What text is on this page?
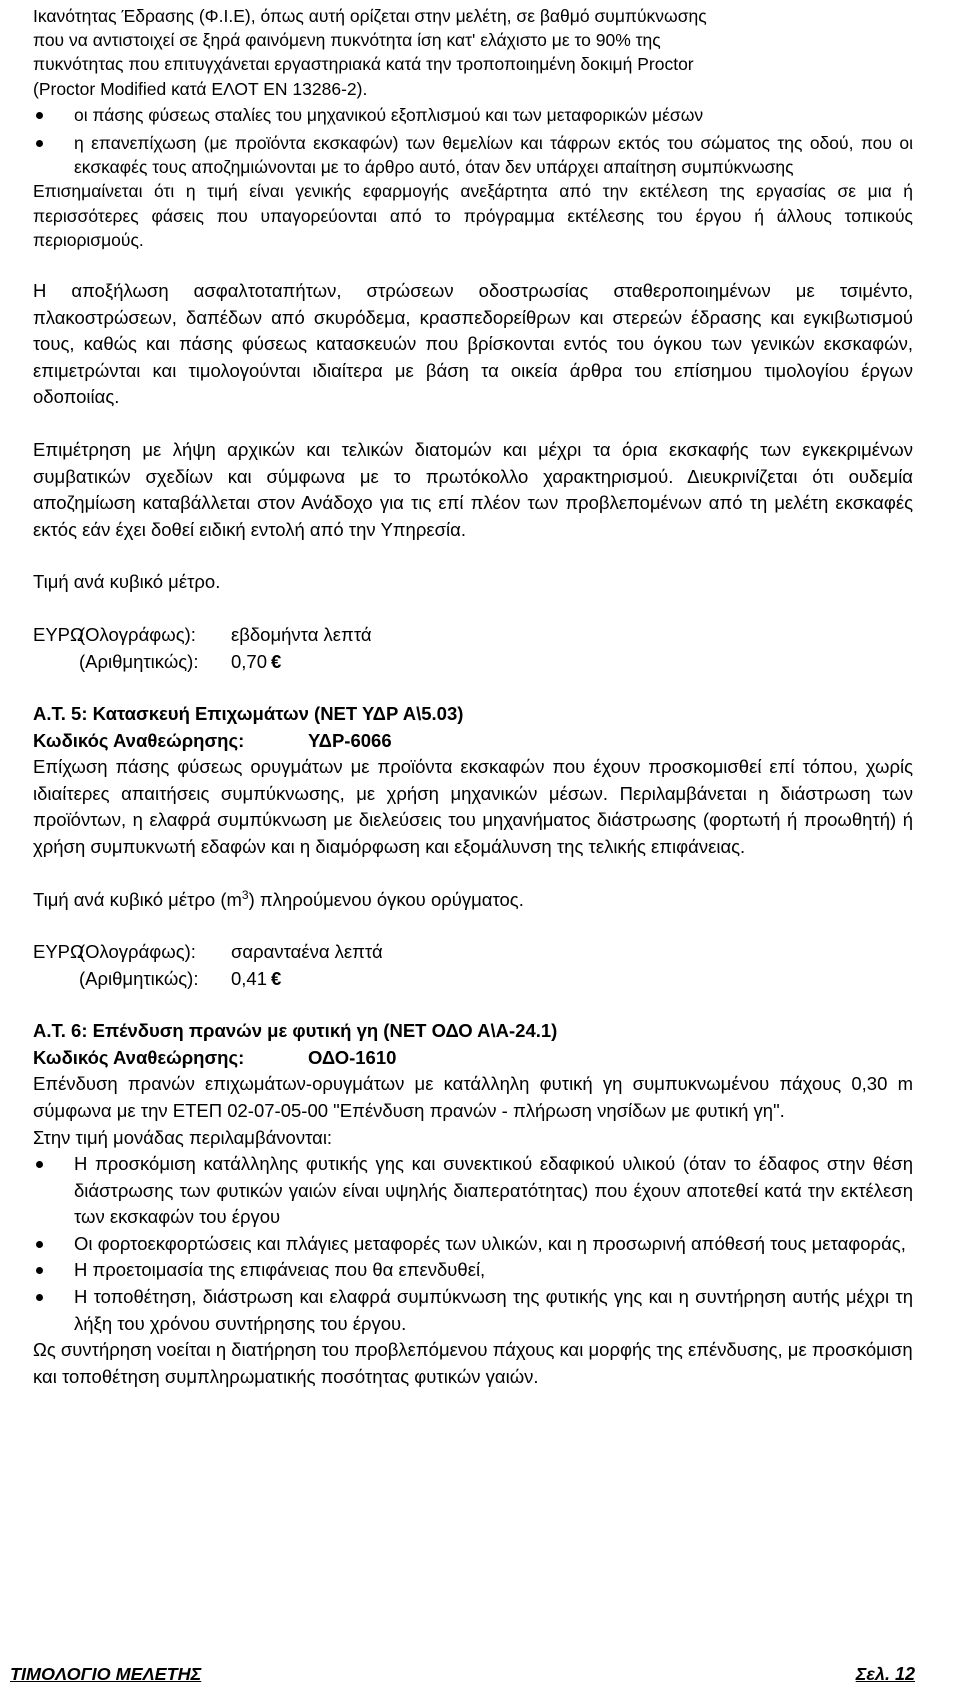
Ικανότητας Έδρασης (Φ.Ι.Ε), όπως αυτή ορίζεται στην μελέτη, σε βαθμό συμπύκνωσης

που να αντιστοιχεί σε ξηρά φαινόμενη πυκνότητα ίση κατ' ελάχιστο με το 90% της

πυκνότητας που επιτυγχάνεται εργαστηριακά κατά την τροποποιημένη δοκιμή Proctor

(Proctor Modified κατά ΕΛΟΤ ΕΝ 13286-2).

οι πάσης φύσεως σταλίες του μηχανικού εξοπλισμού και των μεταφορικών μέσων
η επανεπίχωση (με προϊόντα εκσκαφών) των θεμελίων και τάφρων εκτός του σώματος της οδού, που οι εκσκαφές τους αποζημιώνονται με το άρθρο αυτό, όταν δεν υπάρχει απαίτηση συμπύκνωσης

Επισημαίνεται ότι η τιμή είναι γενικής εφαρμογής ανεξάρτητα από την εκτέλεση της εργασίας σε μια ή περισσότερες φάσεις που υπαγορεύονται από το πρόγραμμα εκτέλεσης του έργου ή άλλους τοπικούς περιορισμούς.

Η αποξήλωση ασφαλτοταπήτων, στρώσεων οδοστρωσίας σταθεροποιημένων με τσιμέντο, πλακοστρώσεων, δαπέδων από σκυρόδεμα, κρασπεδορείθρων και στερεών έδρασης και εγκιβωτισμού τους, καθώς και πάσης φύσεως κατασκευών που βρίσκονται εντός του όγκου των γενικών εκσκαφών, επιμετρώνται και τιμολογούνται ιδιαίτερα με βάση τα οικεία άρθρα του επίσημου τιμολογίου έργων οδοποιίας.

Επιμέτρηση με λήψη αρχικών και τελικών διατομών και μέχρι τα όρια εκσκαφής των εγκεκριμένων συμβατικών σχεδίων και σύμφωνα με το πρωτόκολλο χαρακτηρισμού. Διευκρινίζεται ότι ουδεμία αποζημίωση καταβάλλεται στον Ανάδοχο για τις επί πλέον των προβλεπομένων από τη μελέτη εκσκαφές εκτός εάν έχει δοθεί ειδική εντολή από την Υπηρεσία.

Τιμή ανά κυβικό μέτρο.

ΕΥΡΩ
(Ολογράφως): εβδομήντα λεπτά
(Αριθμητικώς): 0,70 €

Α.Τ. 5: Κατασκευή Επιχωμάτων (ΝΕΤ ΥΔΡ Α\5.03)

Κωδικός Αναθεώρησης:	ΥΔΡ-6066

Επίχωση πάσης φύσεως ορυγμάτων με προϊόντα εκσκαφών που έχουν προσκομισθεί επί τόπου, χωρίς ιδιαίτερες απαιτήσεις συμπύκνωσης, με χρήση μηχανικών μέσων. Περιλαμβάνεται η διάστρωση των προϊόντων, η ελαφρά συμπύκνωση με διελεύσεις του μηχανήματος διάστρωσης (φορτωτή ή προωθητή) ή χρήση συμπυκνωτή εδαφών και η διαμόρφωση και εξομάλυνση της τελικής επιφάνειας.

Τιμή ανά κυβικό μέτρο $(m^3)$ πληρούμενου όγκου ορύγματος.

ΕΥΡΩ
(Ολογράφως): σαρανταένα λεπτά
(Αριθμητικώς): 0,41 €

Α.Τ. 6: Επένδυση πρανών με φυτική γη (ΝΕΤ ΟΔΟ Α\Α-24.1)

Κωδικός Αναθεώρησης:	ΟΔΟ-1610

Επένδυση πρανών επιχωμάτων-ορυγμάτων με κατάλληλη φυτική γη συμπυκνωμένου πάχους 0,30 m σύμφωνα με την ΕΤΕΠ 02-07-05-00 "Επένδυση πρανών - πλήρωση νησίδων με φυτική γη".

Στην τιμή μονάδας περιλαμβάνονται:

Η προσκόμιση κατάλληλης φυτικής γης και συνεκτικού εδαφικού υλικού (όταν το έδαφος στην θέση διάστρωσης των φυτικών γαιών είναι υψηλής διαπερατότητας) που έχουν αποτεθεί κατά την εκτέλεση των εκσκαφών του έργου
Οι φορτοεκφορτώσεις και πλάγιες μεταφορές των υλικών, και η προσωρινή απόθεσή τους μεταφοράς,
Η προετοιμασία της επιφάνειας που θα επενδυθεί,
Η τοποθέτηση, διάστρωση και ελαφρά συμπύκνωση της φυτικής γης και η συντήρηση αυτής μέχρι τη λήξη του χρόνου συντήρησης του έργου.

Ως συντήρηση νοείται η διατήρηση του προβλεπόμενου πάχους και μορφής της επένδυσης, με προσκόμιση και τοποθέτηση συμπληρωματικής ποσότητας φυτικών γαιών.

ΤΙΜΟΛΟΓΙΟ ΜΕΛΕΤΗΣ	Σελ. 12
